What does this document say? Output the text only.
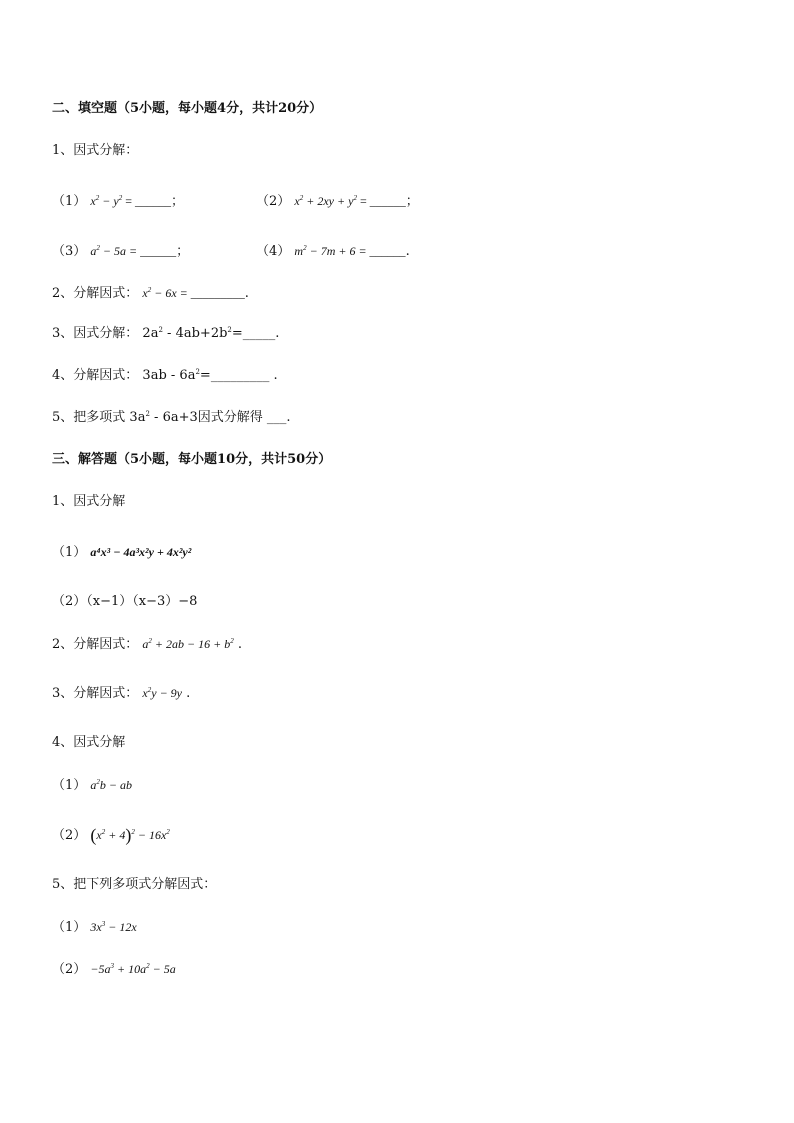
二、填空题（5小题，每小题4分，共计20分）
1、因式分解：
（1） $x^2 - y^2$ = ______；	（2） $x^2 + 2xy + y^2$ = ______；
（3） $a^2 - 5a$ = ______；	（4） $m^2 - 7m + 6$ = ______.
2、分解因式： $x^2 - 6x$ = _________.
3、因式分解： $2a^2$ - $4ab+2b^2=\_\_\_\_\_$.
4、分解因式： $3ab - 6a^2=\_\_\_\_\_\_\_\_\_$ .
5、把多项式 $3a^2 - 6a+3$因式分解得 ___.
三、解答题（5小题，每小题10分，共计50分）
1、因式分解
（1） a⁴x³ − 4a³x²y + 4x²y²
（2）（x−1）（x−3）−8
2、分解因式： $a^2 + 2ab - 16 + b^2$ .
3、分解因式： $x^2y - 9y$ .
4、因式分解
（1） $a^2b$ − ab
（2） $(x^2 + 4)^2 - 16x^2$
5、把下列多项式分解因式：
（1） $3x^3 - 12x$
$(2) -5a^3 + 10a^2 - 5a$
